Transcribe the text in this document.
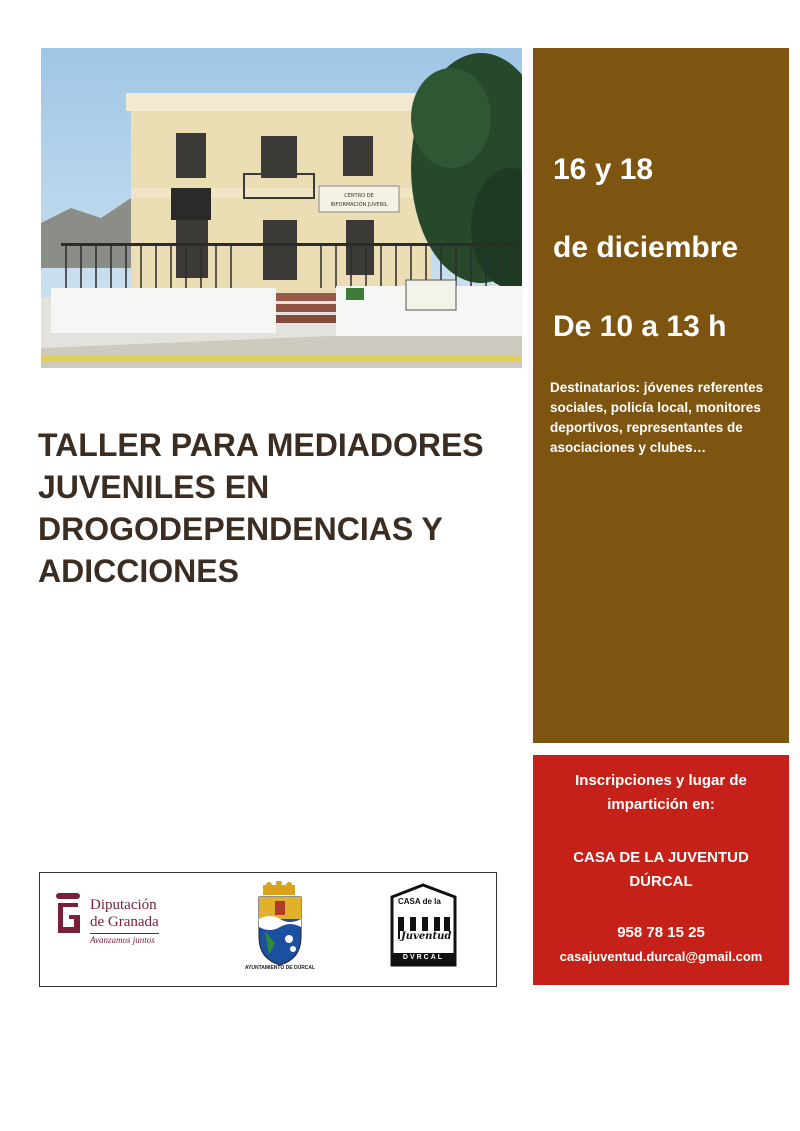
CENTRO DE
INFORMACIÓN JUVENIL
16 y 18
de diciembre
De 10 a 13 h
Destinatarios: jóvenes referentes sociales, policía local, monitores deportivos, representantes de asociaciones y clubes…
TALLER PARA MEDIADORES
JUVENILES EN
DROGODEPENDENCIAS Y
ADICCIONES
Inscripciones y lugar de
impartición en:
CASA DE LA JUVENTUD
DÚRCAL
958 78 15 25
casajuventud.durcal@gmail.com
Diputación
de Granada
Avanzamos juntos
AYUNTAMIENTO DE DÚRCAL
CASA de la
Juventud
DVRCAL
